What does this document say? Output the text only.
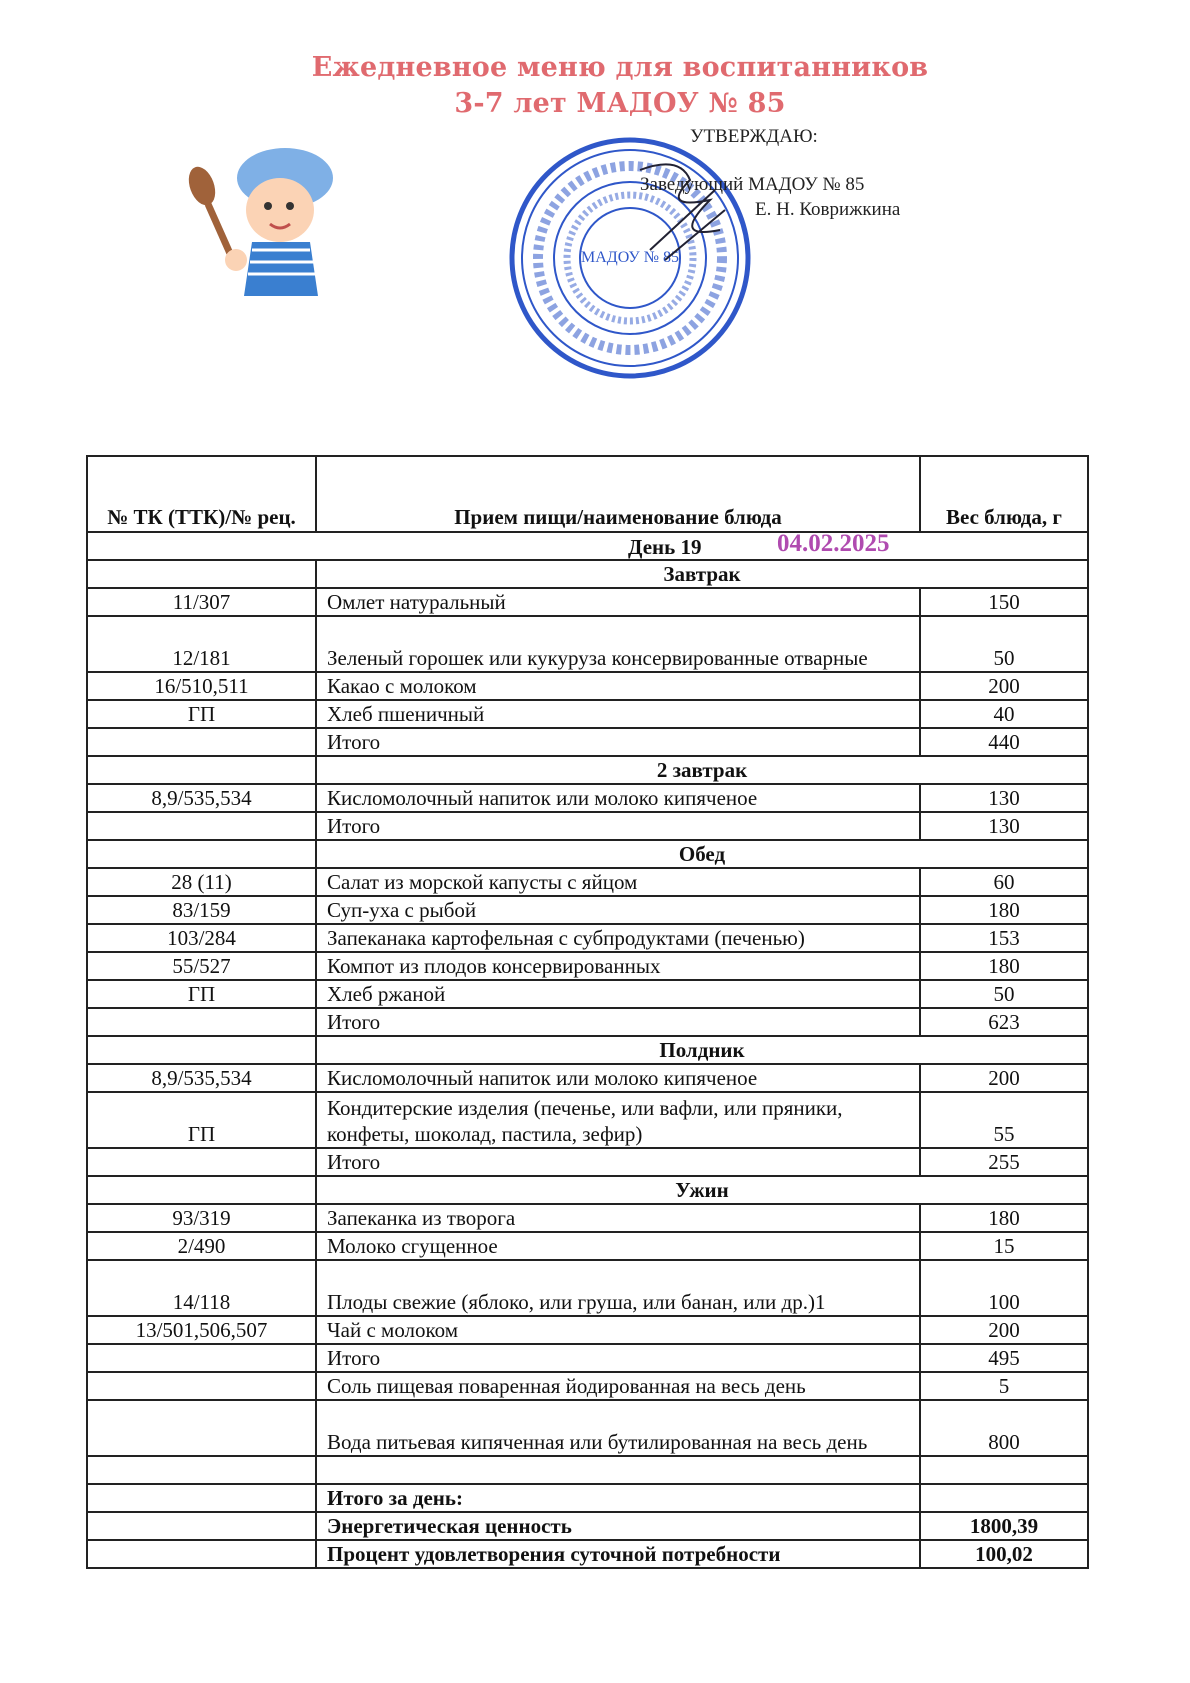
Ежедневное меню для воспитанников
3-7 лет МАДОУ № 85
МАДОУ № 85
УТВЕРЖДАЮ:
Заведующий МАДОУ № 85
Е. Н. Коврижкина
№ ТК (ТТК)/№ рец.	Прием пищи/наименование блюда	Вес блюда, г

День 19 04.02.2025		

	Завтрак	
11/307	Омлет натуральный	150
12/181	Зеленый горошек или кукуруза консервированные отварные	50
16/510,511	Какао с молоком	200
ГП	Хлеб пшеничный	40
	Итого	440
	2 завтрак	
8,9/535,534	Кисломолочный напиток или молоко кипяченое	130
	Итого	130
	Обед	
28 (11)	Салат из морской капусты с яйцом	60
83/159	Суп-уха с рыбой	180
103/284	Запеканака картофельная с субпродуктами (печенью)	153
55/527	Компот из плодов консервированных	180
ГП	Хлеб ржаной	50
	Итого	623
	Полдник	
8,9/535,534	Кисломолочный напиток или молоко кипяченое	200
ГП	Кондитерские изделия (печенье, или вафли, или пряники, конфеты, шоколад, пастила, зефир)	55
	Итого	255
	Ужин	
93/319	Запеканка из творога	180
2/490	Молоко сгущенное	15
14/118	Плоды свежие (яблоко, или груша, или банан, или др.)1	100
13/501,506,507	Чай с молоком	200
	Итого	495
	Соль пищевая поваренная йодированная на весь день	5
	Вода питьевая кипяченная или бутилированная на весь день	800

	Итого за день:	
	Энергетическая ценность	1800,39
	Процент удовлетворения суточной потребности	100,02
